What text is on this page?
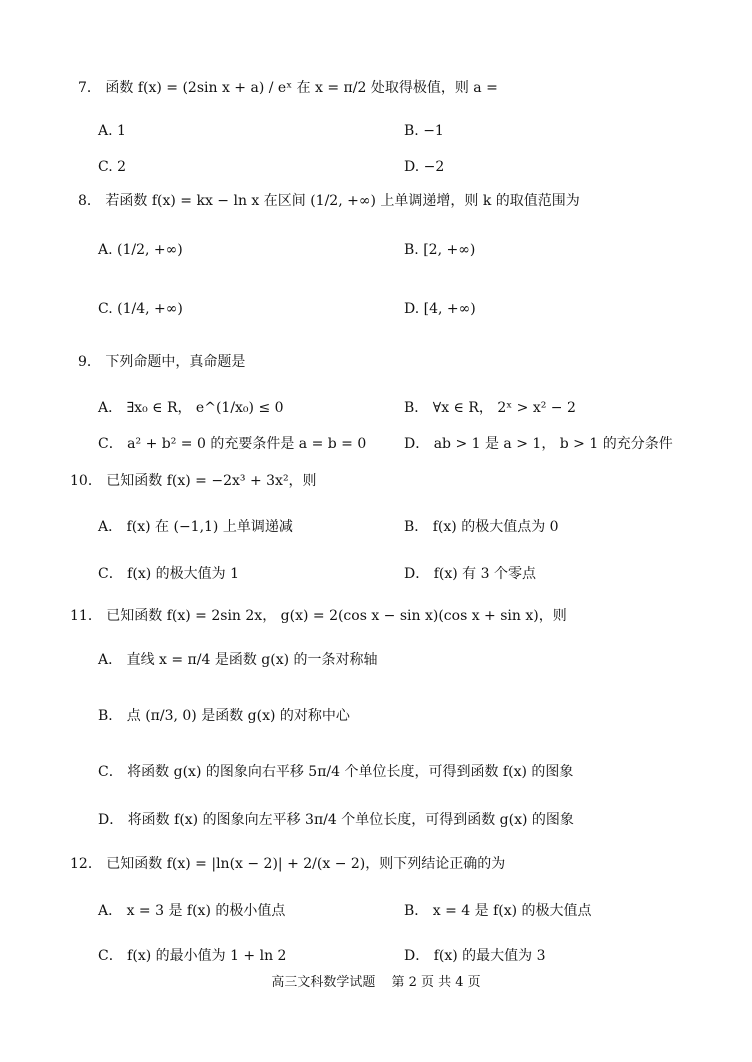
7． 函数 f(x) = (2sin x + a) / eˣ 在 x = π/2 处取得极值，则 a =
A. 1	B. −1
C. 2	D. −2
8． 若函数 f(x) = kx − ln x 在区间 (1/2, +∞) 上单调递增，则 k 的取值范围为
A. (1/2, +∞)	B. [2, +∞)
C. (1/4, +∞)	D. [4, +∞)
9． 下列命题中，真命题是
A． ∃x₀ ∈ R， e^(1/x₀) ≤ 0	B． ∀x ∈ R， 2ˣ > x² − 2
C． a² + b² = 0 的充要条件是 a = b = 0	D． ab > 1 是 a > 1， b > 1 的充分条件
10． 已知函数 f(x) = −2x³ + 3x²，则
A． f(x) 在 (−1,1) 上单调递减	B． f(x) 的极大值点为 0
C． f(x) 的极大值为 1	D． f(x) 有 3 个零点
11． 已知函数 f(x) = 2sin 2x， g(x) = 2(cos x − sin x)(cos x + sin x)，则
A． 直线 x = π/4 是函数 g(x) 的一条对称轴
B． 点 (π/3, 0) 是函数 g(x) 的对称中心
C． 将函数 g(x) 的图象向右平移 5π/4 个单位长度，可得到函数 f(x) 的图象
D． 将函数 f(x) 的图象向左平移 3π/4 个单位长度，可得到函数 g(x) 的图象
12． 已知函数 f(x) = |ln(x − 2)| + 2/(x − 2)，则下列结论正确的为
A． x = 3 是 f(x) 的极小值点	B． x = 4 是 f(x) 的极大值点
C． f(x) 的最小值为 1 + ln 2	D． f(x) 的最大值为 3
高三文科数学试题 第 2 页 共 4 页
